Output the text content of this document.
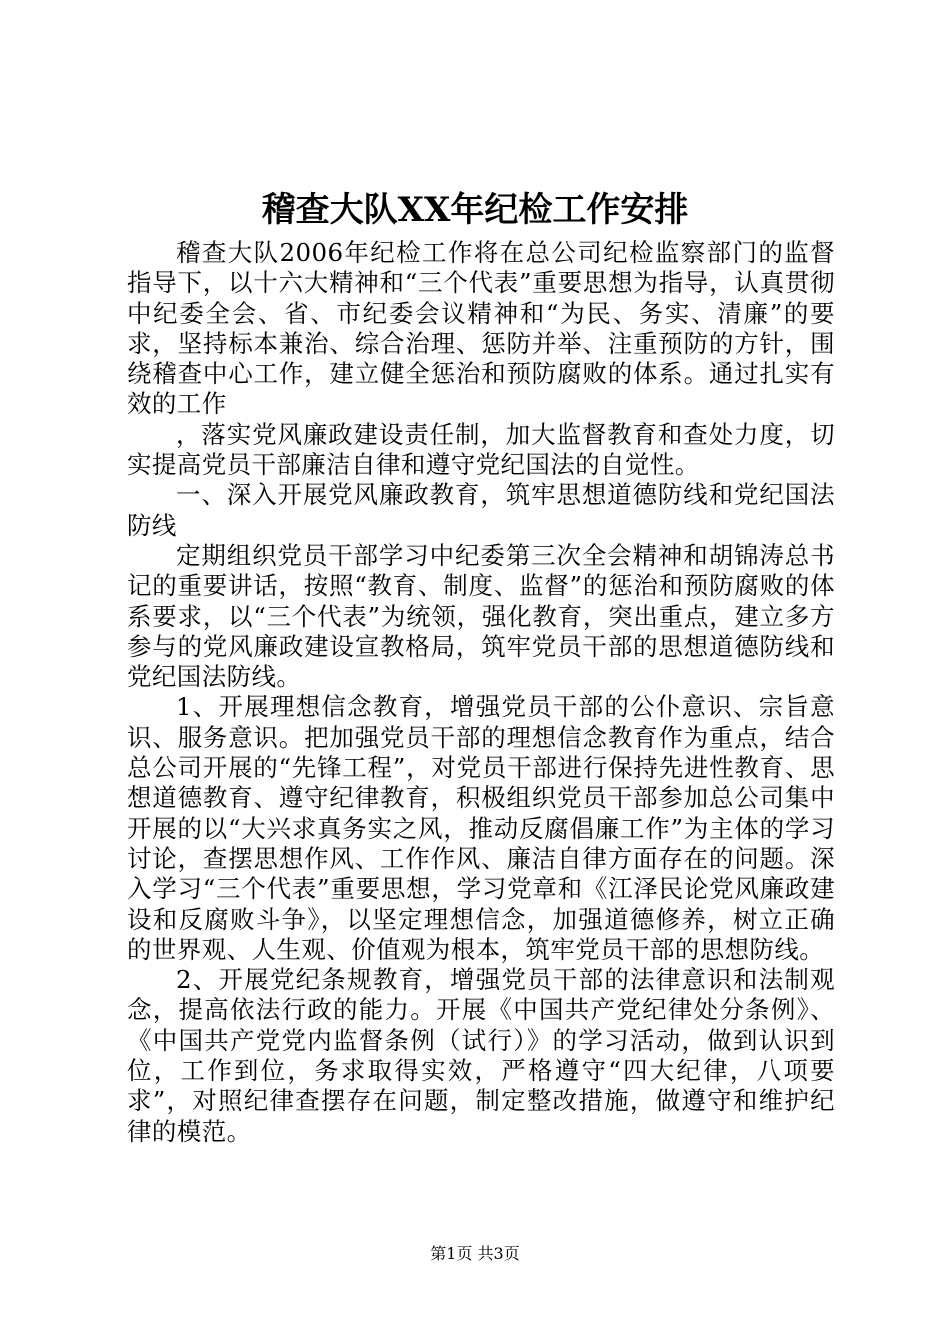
稽查大队XX年纪检工作安排

稽查大队2006年纪检工作将在总公司纪检监察部门的监督指导下，以十六大精神和“三个代表”重要思想为指导，认真贯彻中纪委全会、省、市纪委会议精神和“为民、务实、清廉”的要求，坚持标本兼治、综合治理、惩防并举、注重预防的方针，围绕稽查中心工作，建立健全惩治和预防腐败的体系。通过扎实有效的工作

，落实党风廉政建设责任制，加大监督教育和查处力度，切实提高党员干部廉洁自律和遵守党纪国法的自觉性。

一、深入开展党风廉政教育，筑牢思想道德防线和党纪国法防线

定期组织党员干部学习中纪委第三次全会精神和胡锦涛总书记的重要讲话，按照“教育、制度、监督”的惩治和预防腐败的体系要求，以“三个代表”为统领，强化教育，突出重点，建立多方参与的党风廉政建设宣教格局，筑牢党员干部的思想道德防线和党纪国法防线。

1、开展理想信念教育，增强党员干部的公仆意识、宗旨意识、服务意识。把加强党员干部的理想信念教育作为重点，结合总公司开展的“先锋工程”，对党员干部进行保持先进性教育、思想道德教育、遵守纪律教育，积极组织党员干部参加总公司集中开展的以“大兴求真务实之风，推动反腐倡廉工作”为主体的学习讨论，查摆思想作风、工作作风、廉洁自律方面存在的问题。深入学习“三个代表”重要思想，学习党章和《江泽民论党风廉政建设和反腐败斗争》，以坚定理想信念，加强道德修养，树立正确的世界观、人生观、价值观为根本，筑牢党员干部的思想防线。

2、开展党纪条规教育，增强党员干部的法律意识和法制观念，提高依法行政的能力。开展《中国共产党纪律处分条例》、《中国共产党党内监督条例（试行）》的学习活动，做到认识到位，工作到位，务求取得实效，严格遵守“四大纪律，八项要求”，对照纪律查摆存在问题，制定整改措施，做遵守和维护纪律的模范。

第1页 共3页
